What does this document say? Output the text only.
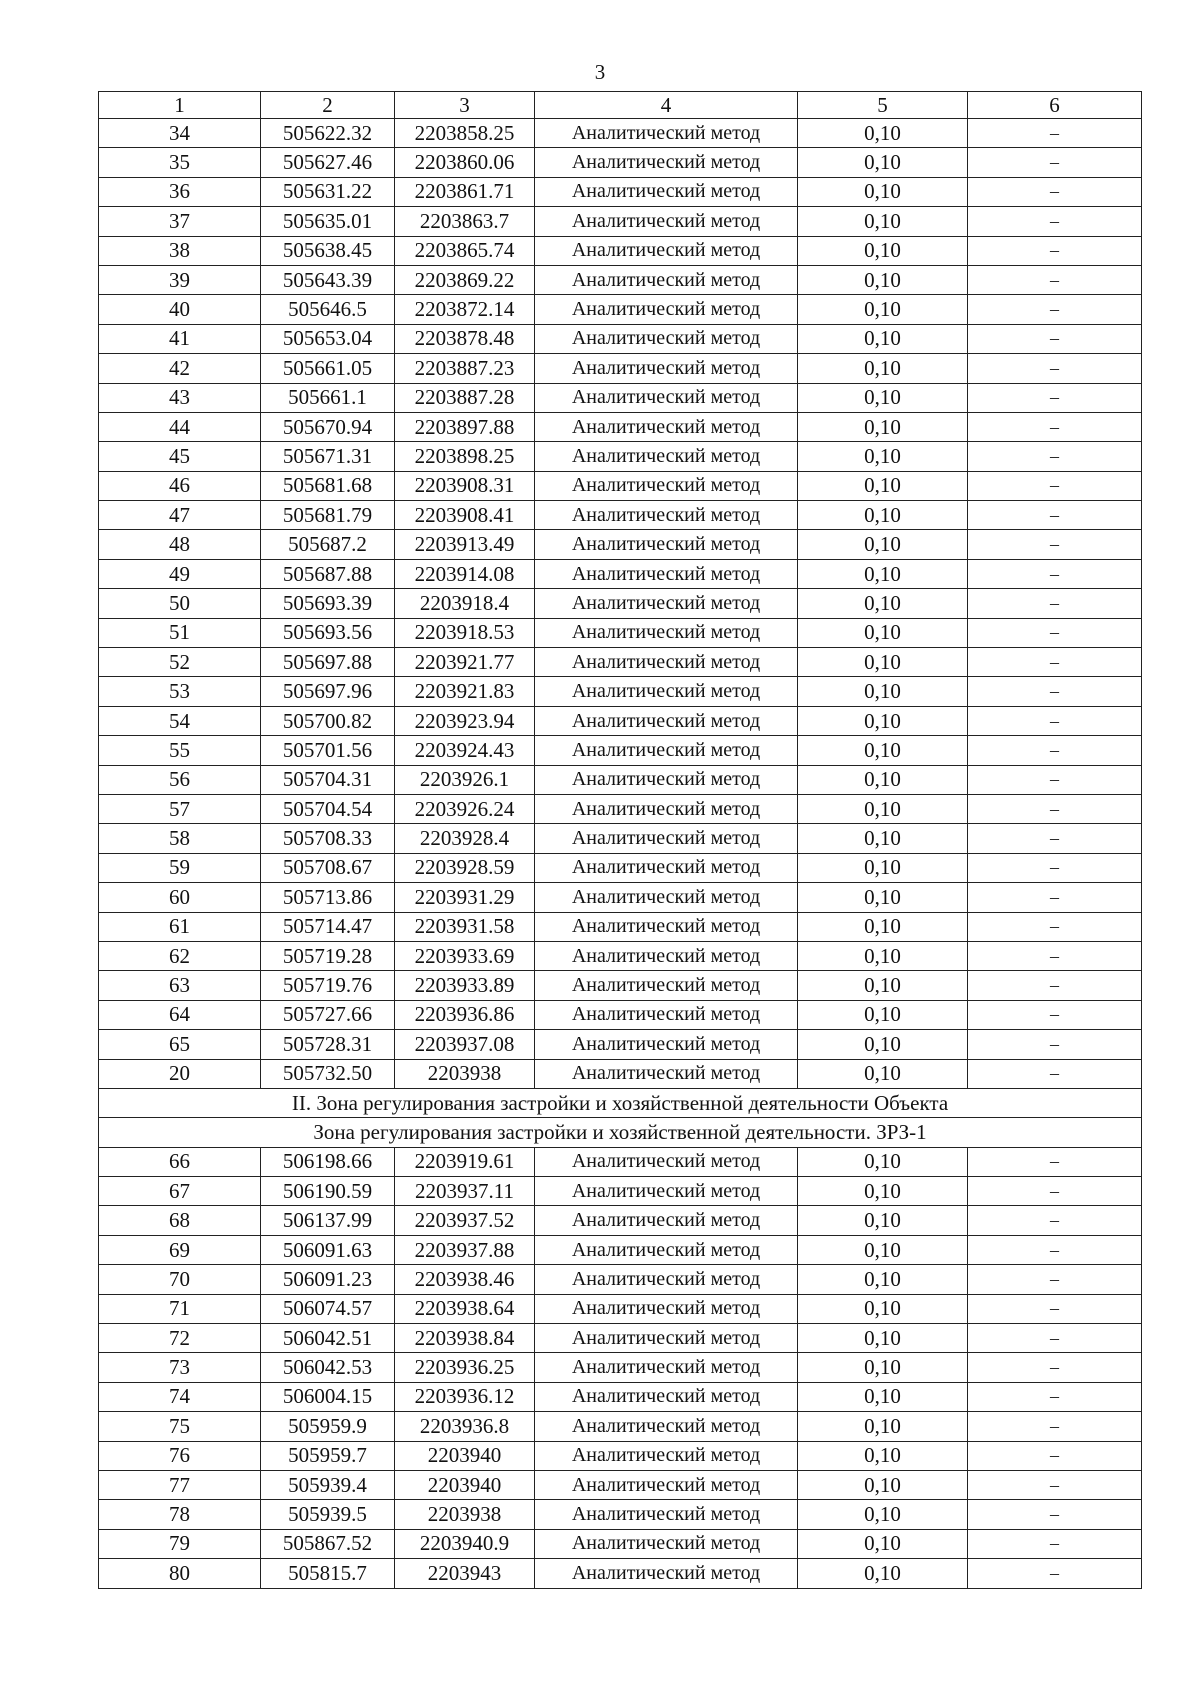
3
1	2	3	4	5	6
34	505622.32	2203858.25	Аналитический метод	0,10	–
35	505627.46	2203860.06	Аналитический метод	0,10	–
36	505631.22	2203861.71	Аналитический метод	0,10	–
37	505635.01	2203863.7	Аналитический метод	0,10	–
38	505638.45	2203865.74	Аналитический метод	0,10	–
39	505643.39	2203869.22	Аналитический метод	0,10	–
40	505646.5	2203872.14	Аналитический метод	0,10	–
41	505653.04	2203878.48	Аналитический метод	0,10	–
42	505661.05	2203887.23	Аналитический метод	0,10	–
43	505661.1	2203887.28	Аналитический метод	0,10	–
44	505670.94	2203897.88	Аналитический метод	0,10	–
45	505671.31	2203898.25	Аналитический метод	0,10	–
46	505681.68	2203908.31	Аналитический метод	0,10	–
47	505681.79	2203908.41	Аналитический метод	0,10	–
48	505687.2	2203913.49	Аналитический метод	0,10	–
49	505687.88	2203914.08	Аналитический метод	0,10	–
50	505693.39	2203918.4	Аналитический метод	0,10	–
51	505693.56	2203918.53	Аналитический метод	0,10	–
52	505697.88	2203921.77	Аналитический метод	0,10	–
53	505697.96	2203921.83	Аналитический метод	0,10	–
54	505700.82	2203923.94	Аналитический метод	0,10	–
55	505701.56	2203924.43	Аналитический метод	0,10	–
56	505704.31	2203926.1	Аналитический метод	0,10	–
57	505704.54	2203926.24	Аналитический метод	0,10	–
58	505708.33	2203928.4	Аналитический метод	0,10	–
59	505708.67	2203928.59	Аналитический метод	0,10	–
60	505713.86	2203931.29	Аналитический метод	0,10	–
61	505714.47	2203931.58	Аналитический метод	0,10	–
62	505719.28	2203933.69	Аналитический метод	0,10	–
63	505719.76	2203933.89	Аналитический метод	0,10	–
64	505727.66	2203936.86	Аналитический метод	0,10	–
65	505728.31	2203937.08	Аналитический метод	0,10	–
20	505732.50	2203938	Аналитический метод	0,10	–
II. Зона регулирования застройки и хозяйственной деятельности Объекта					
Зона регулирования застройки и хозяйственной деятельности. ЗРЗ-1					
66	506198.66	2203919.61	Аналитический метод	0,10	–
67	506190.59	2203937.11	Аналитический метод	0,10	–
68	506137.99	2203937.52	Аналитический метод	0,10	–
69	506091.63	2203937.88	Аналитический метод	0,10	–
70	506091.23	2203938.46	Аналитический метод	0,10	–
71	506074.57	2203938.64	Аналитический метод	0,10	–
72	506042.51	2203938.84	Аналитический метод	0,10	–
73	506042.53	2203936.25	Аналитический метод	0,10	–
74	506004.15	2203936.12	Аналитический метод	0,10	–
75	505959.9	2203936.8	Аналитический метод	0,10	–
76	505959.7	2203940	Аналитический метод	0,10	–
77	505939.4	2203940	Аналитический метод	0,10	–
78	505939.5	2203938	Аналитический метод	0,10	–
79	505867.52	2203940.9	Аналитический метод	0,10	–
80	505815.7	2203943	Аналитический метод	0,10	–
